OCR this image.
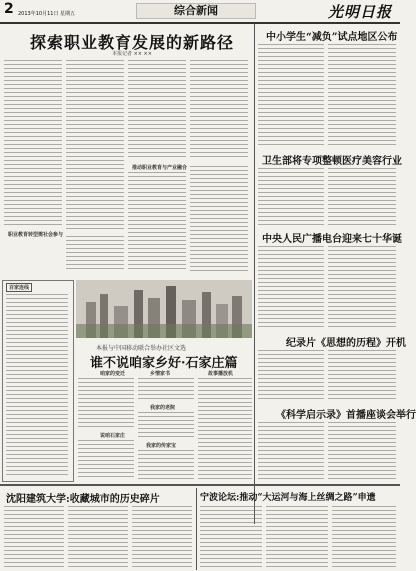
2 2013年10月11日 星期五	综合新闻	光明日报
探索职业教育发展的新路径
本报记者 ×× ××
职业教育转型需社会参与
推动职业教育与产业融合
百家连线
本报与中国移动联合举办社区文选
谁不说咱家乡好·石家庄篇
咱家的变迁
说咱石家庄
乡情家书
我家的老院
我家的传家宝
故事播放机
中小学生“减负”试点地区公布
卫生部将专项整顿医疗美容行业
中央人民广播电台迎来七十华诞
纪录片《思想的历程》开机
《科学启示录》首播座谈会举行
沈阳建筑大学:收藏城市的历史碎片	宁波论坛:推动“大运河与海上丝绸之路”申遗
